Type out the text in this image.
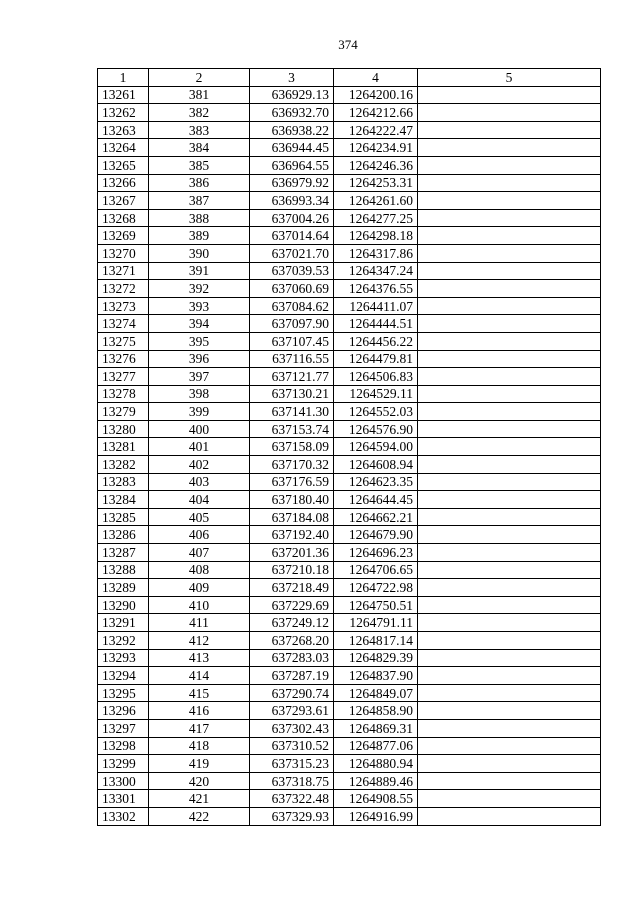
374
1	2	3	4	5
13261	381	636929.13	1264200.16	
13262	382	636932.70	1264212.66	
13263	383	636938.22	1264222.47	
13264	384	636944.45	1264234.91	
13265	385	636964.55	1264246.36	
13266	386	636979.92	1264253.31	
13267	387	636993.34	1264261.60	
13268	388	637004.26	1264277.25	
13269	389	637014.64	1264298.18	
13270	390	637021.70	1264317.86	
13271	391	637039.53	1264347.24	
13272	392	637060.69	1264376.55	
13273	393	637084.62	1264411.07	
13274	394	637097.90	1264444.51	
13275	395	637107.45	1264456.22	
13276	396	637116.55	1264479.81	
13277	397	637121.77	1264506.83	
13278	398	637130.21	1264529.11	
13279	399	637141.30	1264552.03	
13280	400	637153.74	1264576.90	
13281	401	637158.09	1264594.00	
13282	402	637170.32	1264608.94	
13283	403	637176.59	1264623.35	
13284	404	637180.40	1264644.45	
13285	405	637184.08	1264662.21	
13286	406	637192.40	1264679.90	
13287	407	637201.36	1264696.23	
13288	408	637210.18	1264706.65	
13289	409	637218.49	1264722.98	
13290	410	637229.69	1264750.51	
13291	411	637249.12	1264791.11	
13292	412	637268.20	1264817.14	
13293	413	637283.03	1264829.39	
13294	414	637287.19	1264837.90	
13295	415	637290.74	1264849.07	
13296	416	637293.61	1264858.90	
13297	417	637302.43	1264869.31	
13298	418	637310.52	1264877.06	
13299	419	637315.23	1264880.94	
13300	420	637318.75	1264889.46	
13301	421	637322.48	1264908.55	
13302	422	637329.93	1264916.99	
